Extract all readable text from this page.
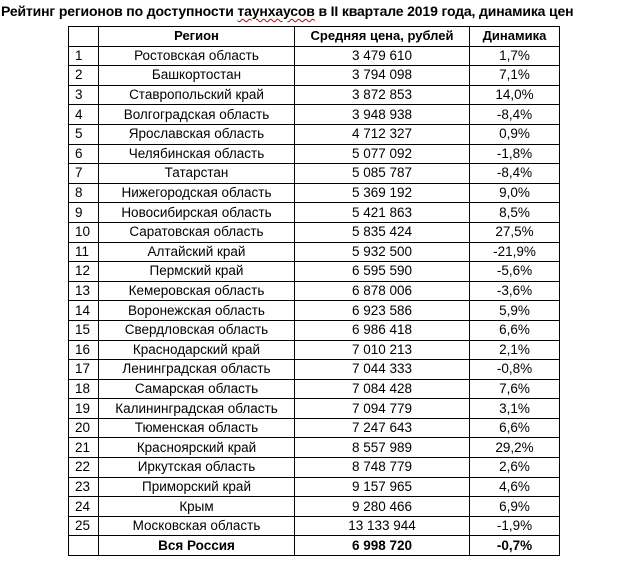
Рейтинг регионов по доступности таунхаусов в II квартале 2019 года, динамика цен
	Регион	Средняя цена, рублей	Динамика
1	Ростовская область	3 479 610	1,7%
2	Башкортостан	3 794 098	7,1%
3	Ставропольский край	3 872 853	14,0%
4	Волгоградская область	3 948 938	-8,4%
5	Ярославская область	4 712 327	0,9%
6	Челябинская область	5 077 092	-1,8%
7	Татарстан	5 085 787	-8,4%
8	Нижегородская область	5 369 192	9,0%
9	Новосибирская область	5 421 863	8,5%
10	Саратовская область	5 835 424	27,5%
11	Алтайский край	5 932 500	-21,9%
12	Пермский край	6 595 590	-5,6%
13	Кемеровская область	6 878 006	-3,6%
14	Воронежская область	6 923 586	5,9%
15	Свердловская область	6 986 418	6,6%
16	Краснодарский край	7 010 213	2,1%
17	Ленинградская область	7 044 333	-0,8%
18	Самарская область	7 084 428	7,6%
19	Калининградская область	7 094 779	3,1%
20	Тюменская область	7 247 643	6,6%
21	Красноярский край	8 557 989	29,2%
22	Иркутская область	8 748 779	2,6%
23	Приморский край	9 157 965	4,6%
24	Крым	9 280 466	6,9%
25	Московская область	13 133 944	-1,9%
	Вся Россия	6 998 720	-0,7%
